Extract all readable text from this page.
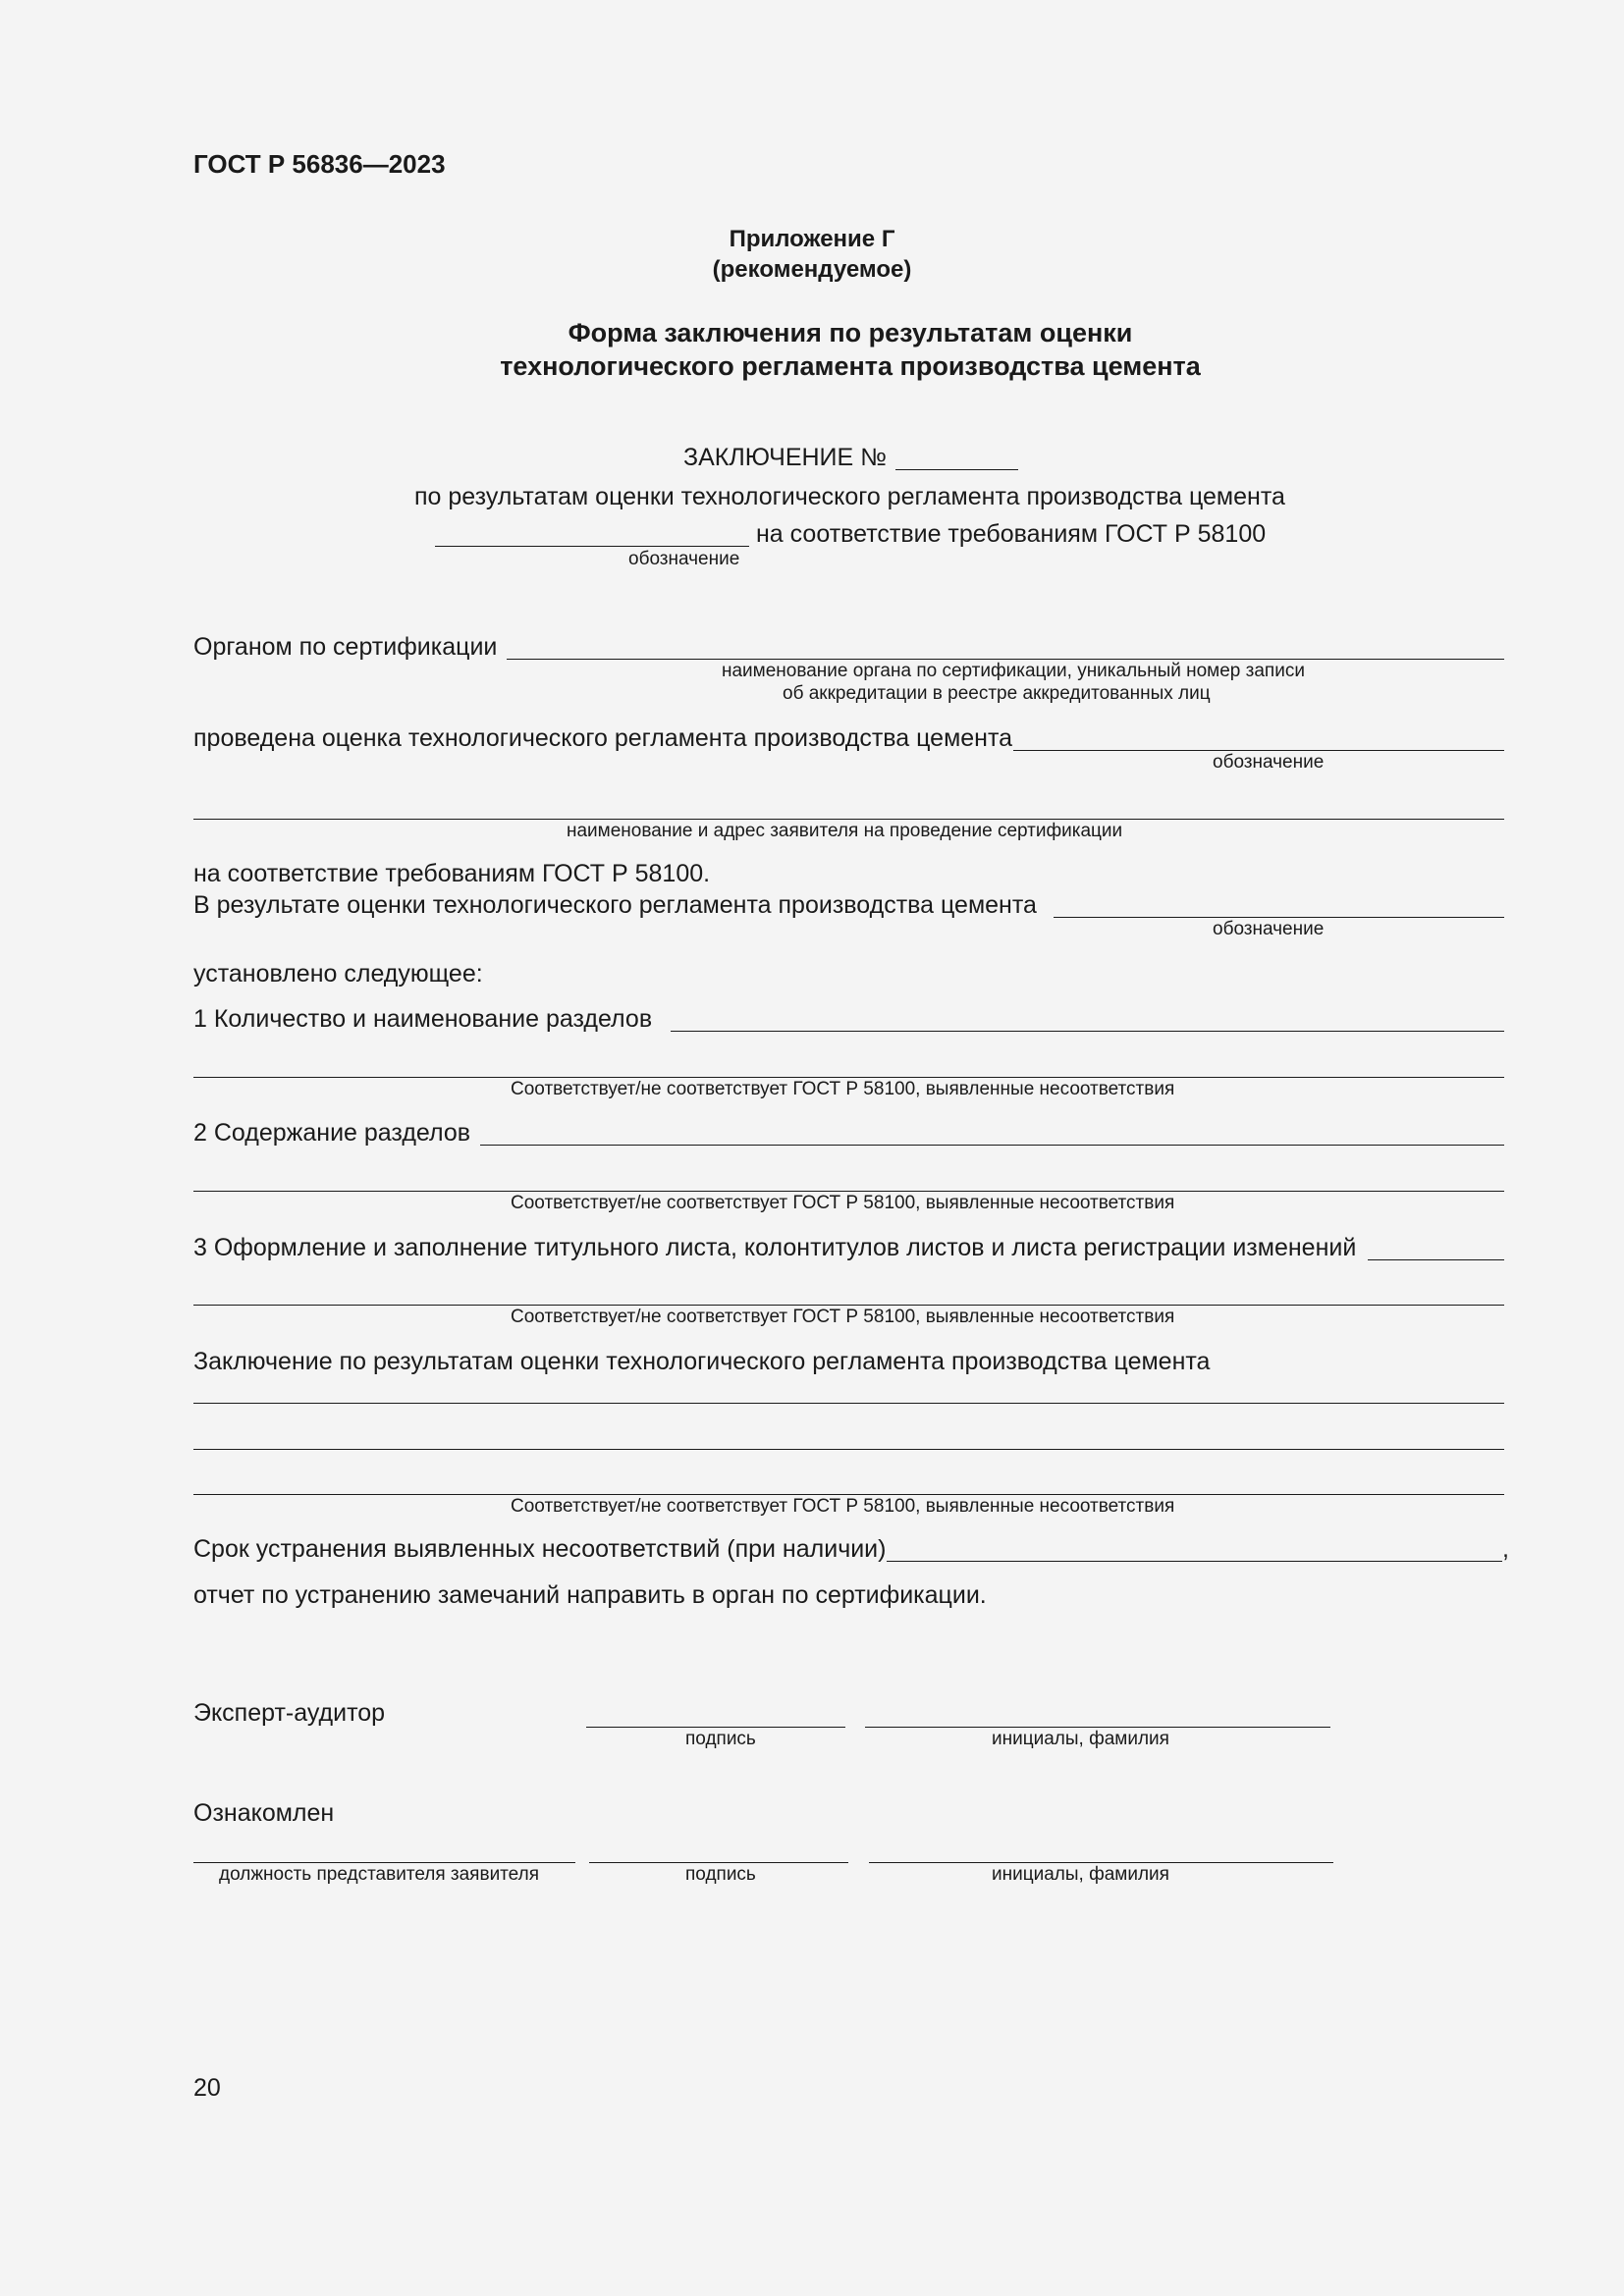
ГОСТ Р 56836—2023
Приложение Г
(рекомендуемое)
Форма заключения по результатам оценки
технологического регламента производства цемента
ЗАКЛЮЧЕНИЕ №
по результатам оценки технологического регламента производства цемента
на соответствие требованиям ГОСТ Р 58100
обозначение
Органом по сертификации
наименование органа по сертификации, уникальный номер записи
об аккредитации в реестре аккредитованных лиц
проведена оценка технологического регламента производства цемента
обозначение
наименование и адрес заявителя на проведение сертификации
на соответствие требованиям ГОСТ Р 58100.
В результате оценки технологического регламента производства цемента
обозначение
установлено следующее:
1 Количество и наименование разделов
Соответствует/не соответствует ГОСТ Р 58100, выявленные несоответствия
2 Содержание разделов
Соответствует/не соответствует ГОСТ Р 58100, выявленные несоответствия
3 Оформление и заполнение титульного листа, колонтитулов листов и листа регистрации изменений
Соответствует/не соответствует ГОСТ Р 58100, выявленные несоответствия
Заключение по результатам оценки технологического регламента производства цемента
Соответствует/не соответствует ГОСТ Р 58100, выявленные несоответствия
Срок устранения выявленных несоответствий (при наличии)	,
отчет по устранению замечаний направить в орган по сертификации.
Эксперт-аудитор
подпись	инициалы, фамилия
Ознакомлен
должность представителя заявителя	подпись	инициалы, фамилия
20
